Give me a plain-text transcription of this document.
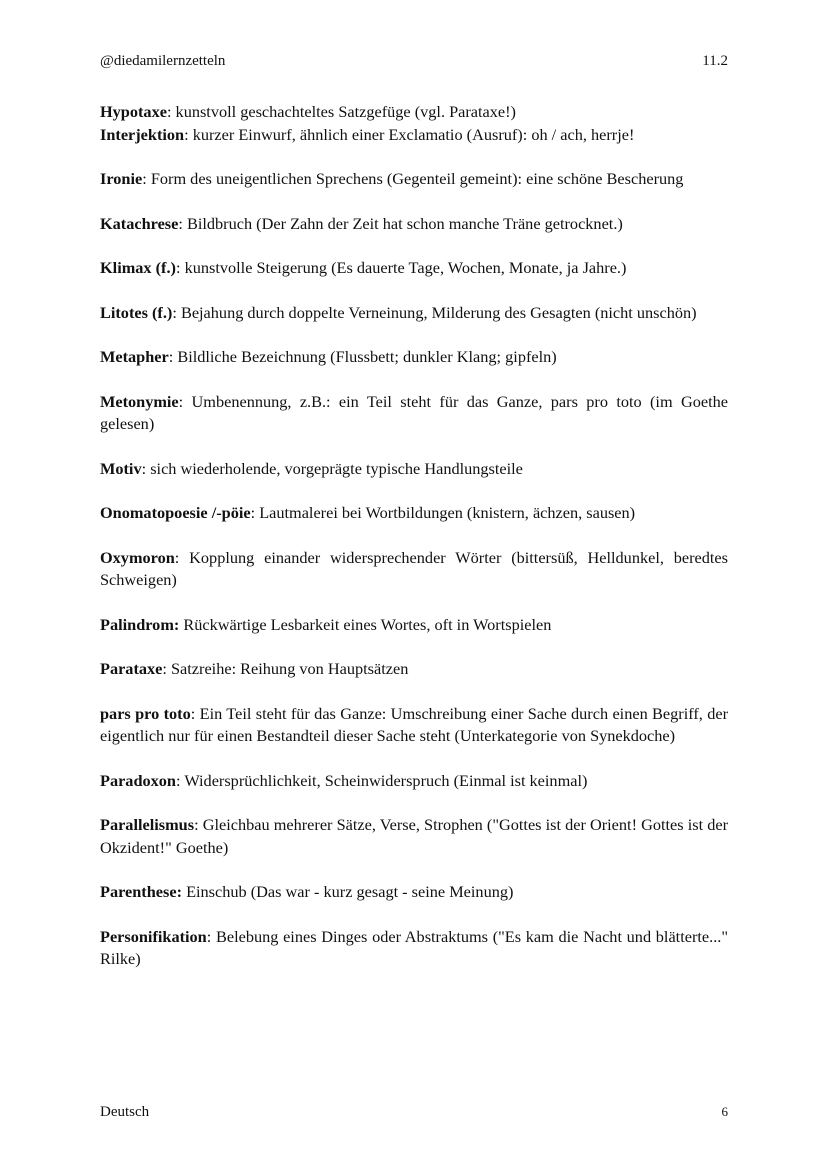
@diedamilernzetteln	11.2

Hypotaxe: kunstvoll geschachteltes Satzgefüge (vgl. Parataxe!)

Interjektion: kurzer Einwurf, ähnlich einer Exclamatio (Ausruf): oh / ach, herrje!

Ironie: Form des uneigentlichen Sprechens (Gegenteil gemeint): eine schöne Bescherung

Katachrese: Bildbruch (Der Zahn der Zeit hat schon manche Träne getrocknet.)

Klimax (f.): kunstvolle Steigerung (Es dauerte Tage, Wochen, Monate, ja Jahre.)

Litotes (f.): Bejahung durch doppelte Verneinung, Milderung des Gesagten (nicht unschön)

Metapher: Bildliche Bezeichnung (Flussbett; dunkler Klang; gipfeln)

Metonymie: Umbenennung, z.B.: ein Teil steht für das Ganze, pars pro toto (im Goethe gelesen)

Motiv: sich wiederholende, vorgeprägte typische Handlungsteile

Onomatopoesie /-pöie: Lautmalerei bei Wortbildungen (knistern, ächzen, sausen)

Oxymoron: Kopplung einander widersprechender Wörter (bittersüß, Helldunkel, beredtes Schweigen)

Palindrom: Rückwärtige Lesbarkeit eines Wortes, oft in Wortspielen

Parataxe: Satzreihe: Reihung von Hauptsätzen

pars pro toto: Ein Teil steht für das Ganze: Umschreibung einer Sache durch einen Begriff, der eigentlich nur für einen Bestandteil dieser Sache steht (Unterkategorie von Synekdoche)

Paradoxon: Widersprüchlichkeit, Scheinwiderspruch (Einmal ist keinmal)

Parallelismus: Gleichbau mehrerer Sätze, Verse, Strophen ("Gottes ist der Orient! Gottes ist der Okzident!" Goethe)

Parenthese: Einschub (Das war - kurz gesagt - seine Meinung)

Personifikation: Belebung eines Dinges oder Abstraktums ("Es kam die Nacht und blätterte..." Rilke)

Deutsch	6
